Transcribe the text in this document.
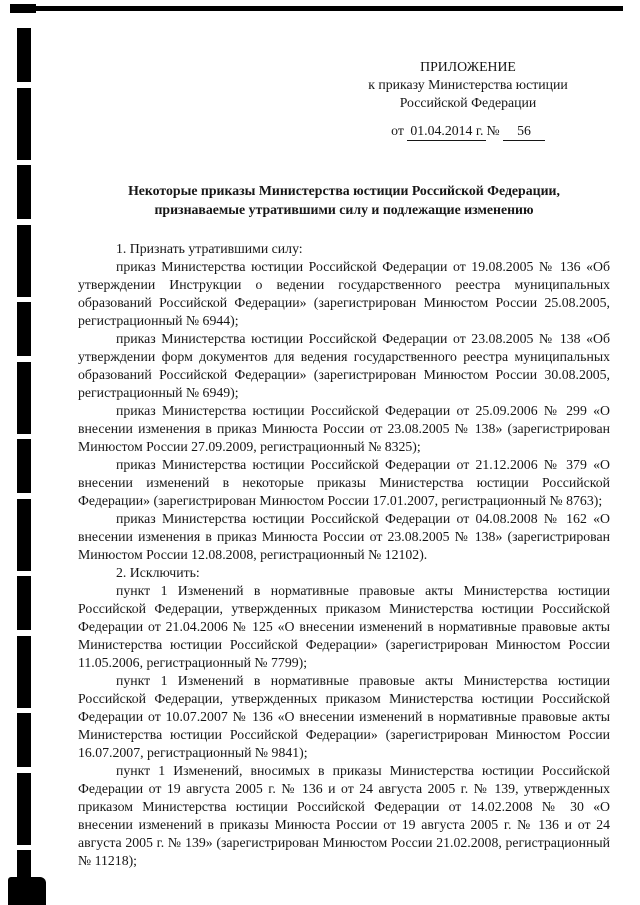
ПРИЛОЖЕНИЕ
к приказу Министерства юстиции
Российской Федерации
от 01.04.2014 г. № 56
Некоторые приказы Министерства юстиции Российской Федерации, признаваемые утратившими силу и подлежащие изменению

1. Признать утратившими силу:

приказ Министерства юстиции Российской Федерации от 19.08.2005 № 136 «Об утверждении Инструкции о ведении государственного реестра муниципальных образований Российской Федерации» (зарегистрирован Минюстом России 25.08.2005, регистрационный № 6944);

приказ Министерства юстиции Российской Федерации от 23.08.2005 № 138 «Об утверждении форм документов для ведения государственного реестра муниципальных образований Российской Федерации» (зарегистрирован Минюстом России 30.08.2005, регистрационный № 6949);

приказ Министерства юстиции Российской Федерации от 25.09.2006 № 299 «О внесении изменения в приказ Минюста России от 23.08.2005 № 138» (зарегистрирован Минюстом России 27.09.2009, регистрационный № 8325);

приказ Министерства юстиции Российской Федерации от 21.12.2006 № 379 «О внесении изменений в некоторые приказы Министерства юстиции Российской Федерации» (зарегистрирован Минюстом России 17.01.2007, регистрационный № 8763);

приказ Министерства юстиции Российской Федерации от 04.08.2008 № 162 «О внесении изменения в приказ Минюста России от 23.08.2005 № 138» (зарегистрирован Минюстом России 12.08.2008, регистрационный № 12102).

2. Исключить:

пункт 1 Изменений в нормативные правовые акты Министерства юстиции Российской Федерации, утвержденных приказом Министерства юстиции Российской Федерации от 21.04.2006 № 125 «О внесении изменений в нормативные правовые акты Министерства юстиции Российской Федерации» (зарегистрирован Минюстом России 11.05.2006, регистрационный № 7799);

пункт 1 Изменений в нормативные правовые акты Министерства юстиции Российской Федерации, утвержденных приказом Министерства юстиции Российской Федерации от 10.07.2007 № 136 «О внесении изменений в нормативные правовые акты Министерства юстиции Российской Федерации» (зарегистрирован Минюстом России 16.07.2007, регистрационный № 9841);

пункт 1 Изменений, вносимых в приказы Министерства юстиции Российской Федерации от 19 августа 2005 г. № 136 и от 24 августа 2005 г. № 139, утвержденных приказом Министерства юстиции Российской Федерации от 14.02.2008 № 30 «О внесении изменений в приказы Минюста России от 19 августа 2005 г. № 136 и от 24 августа 2005 г. № 139» (зарегистрирован Минюстом России 21.02.2008, регистрационный № 11218);
